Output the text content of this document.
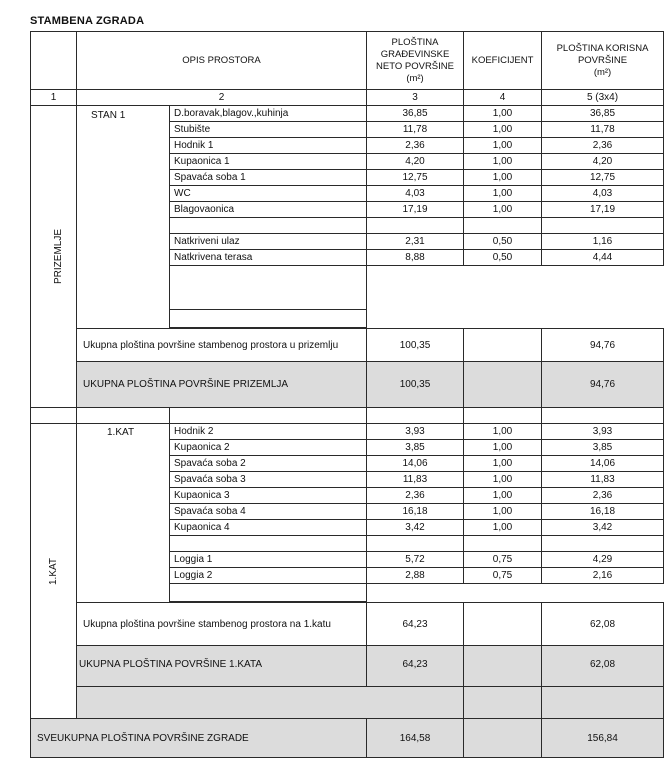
STAMBENA ZGRADA
	OPIS PROSTORA		PLOŠTINA
GRAĐEVINSKE
NETO POVRŠINE
(m²)	KOEFICIJENT	PLOŠTINA KORISNA
POVRŠINE
(m²)
1	2		3	4	5 (3x4)
PRIZEMLJE	STAN 1	D.boravak,blagov.,kuhinja	36,85	1,00	36,85
		Stubište	11,78	1,00	11,78
		Hodnik 1	2,36	1,00	2,36
		Kupaonica 1	4,20	1,00	4,20
		Spavaća soba 1	12,75	1,00	12,75
		WC	4,03	1,00	4,03
		Blagovaonica	17,19	1,00	17,19

		Natkriveni ulaz	2,31	0,50	1,16
		Natkrivena terasa	8,88	0,50	4,44

	Ukupna ploština površine stambenog prostora u prizemlju		100,35		94,76
	UKUPNA PLOŠTINA POVRŠINE PRIZEMLJA		100,35		94,76

1.KAT	1.KAT	Hodnik 2	3,93	1,00	3,93
		Kupaonica 2	3,85	1,00	3,85
		Spavaća soba 2	14,06	1,00	14,06
		Spavaća soba 3	11,83	1,00	11,83
		Kupaonica 3	2,36	1,00	2,36
		Spavaća soba 4	16,18	1,00	16,18
		Kupaonica 4	3,42	1,00	3,42

		Loggia 1	5,72	0,75	4,29
		Loggia 2	2,88	0,75	2,16

	Ukupna ploština površine stambenog prostora na 1.katu		64,23		62,08
	UKUPNA PLOŠTINA POVRŠINE 1.KATA		64,23		62,08

SVEUKUPNA PLOŠTINA POVRŠINE ZGRADE			164,58		156,84
